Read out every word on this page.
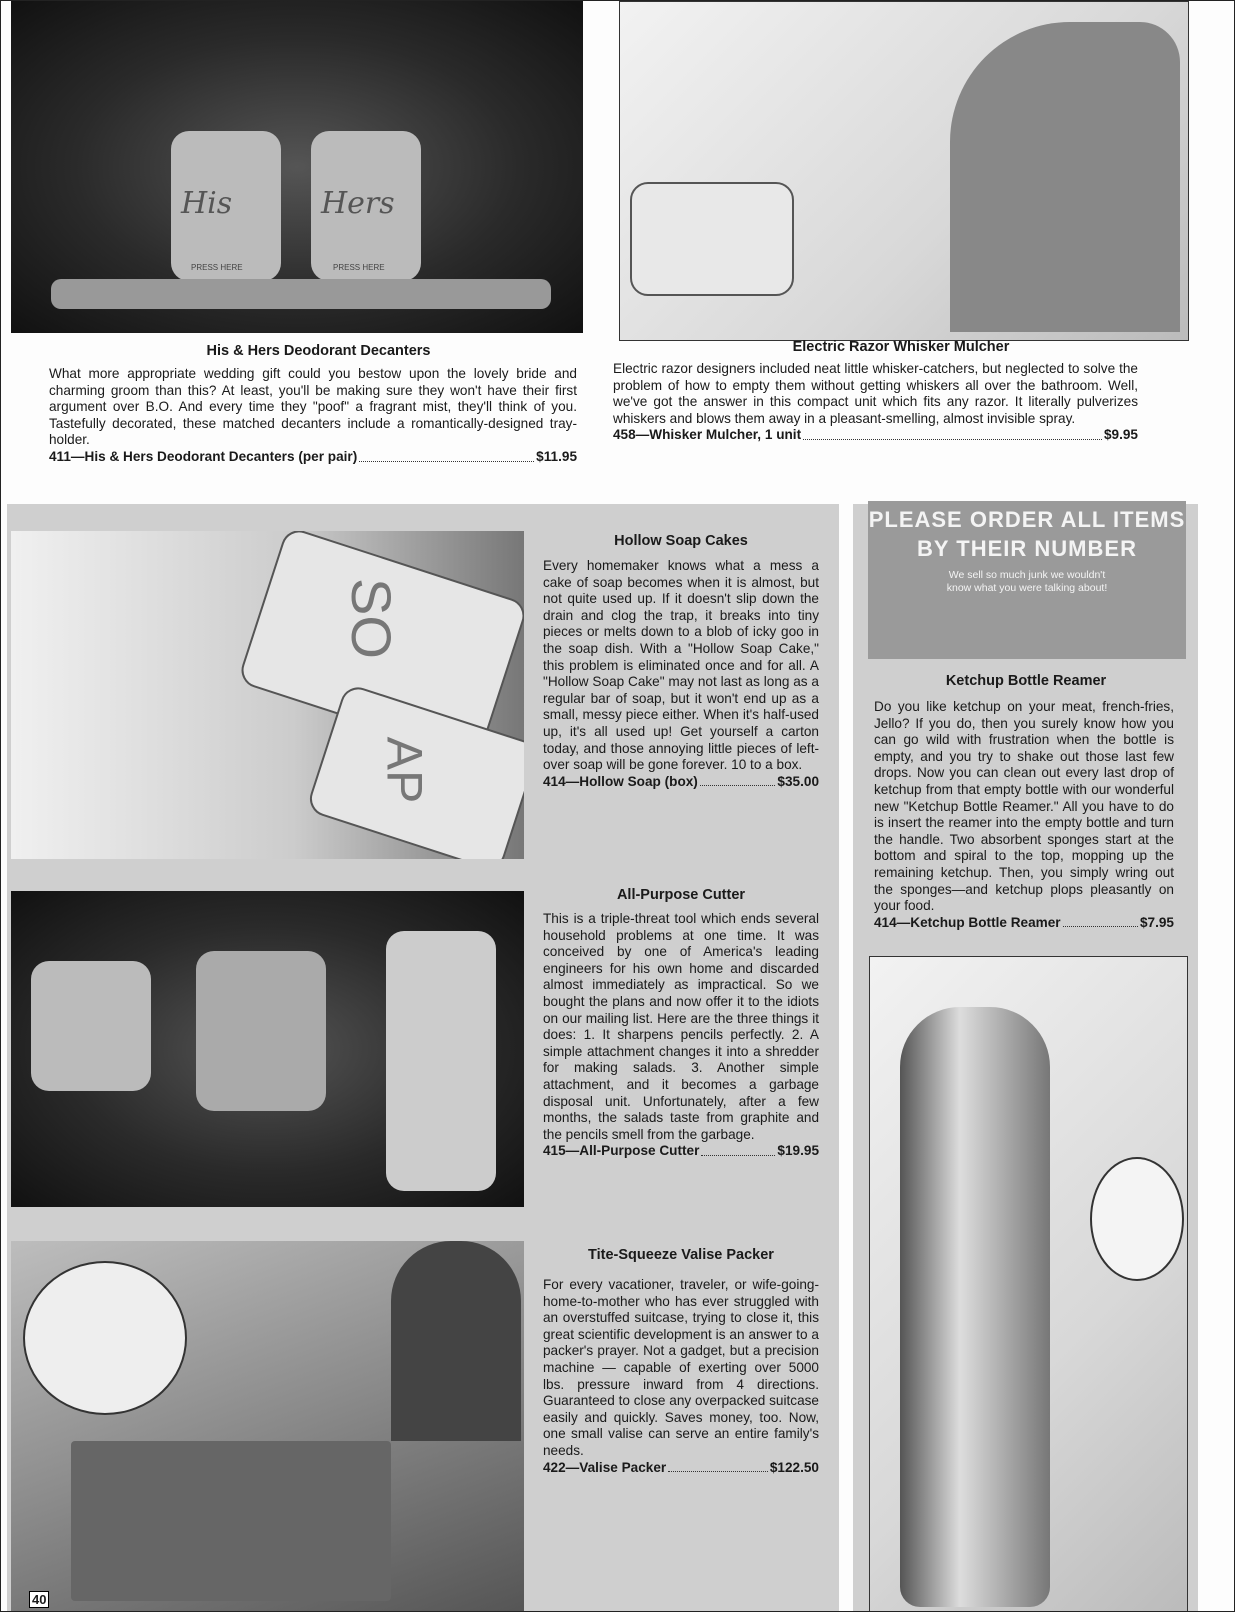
His	Hers
PRESS HERE	PRESS HERE
His & Hers Deodorant Decanters
What more appropriate wedding gift could you bestow upon the lovely bride and charming groom than this? At least, you'll be making sure they won't have their first argument over B.O. And every time they "poof" a fragrant mist, they'll think of you. Tastefully decorated, these matched decanters include a romantically-designed tray-holder.
411—His & Hers Deodorant Decanters (per pair)	$11.95
Electric Razor Whisker Mulcher
Electric razor designers included neat little whisker-catchers, but neglected to solve the problem of how to empty them without getting whiskers all over the bathroom. Well, we've got the answer in this compact unit which fits any razor. It literally pulverizes whiskers and blows them away in a pleasant-smelling, almost invisible spray.
458—Whisker Mulcher, 1 unit	$9.95
SO
AP
Hollow Soap Cakes
Every homemaker knows what a mess a cake of soap becomes when it is almost, but not quite used up. If it doesn't slip down the drain and clog the trap, it breaks into tiny pieces or melts down to a blob of icky goo in the soap dish. With a "Hollow Soap Cake," this problem is eliminated once and for all. A "Hollow Soap Cake" may not last as long as a regular bar of soap, but it won't end up as a small, messy piece either. When it's half-used up, it's all used up! Get yourself a carton today, and those annoying little pieces of left-over soap will be gone forever. 10 to a box.
414—Hollow Soap (box)	$35.00
All-Purpose Cutter
This is a triple-threat tool which ends several household problems at one time. It was conceived by one of America's leading engineers for his own home and discarded almost immediately as impractical. So we bought the plans and now offer it to the idiots on our mailing list. Here are the three things it does: 1. It sharpens pencils perfectly. 2. A simple attachment changes it into a shredder for making salads. 3. Another simple attachment, and it becomes a garbage disposal unit. Unfortunately, after a few months, the salads taste from graphite and the pencils smell from the garbage.
415—All-Purpose Cutter	$19.95
Tite-Squeeze Valise Packer
For every vacationer, traveler, or wife-going-home-to-mother who has ever struggled with an overstuffed suitcase, trying to close it, this great scientific development is an answer to a packer's prayer. Not a gadget, but a precision machine — capable of exerting over 5000 lbs. pressure inward from 4 directions. Guaranteed to close any overpacked suitcase easily and quickly. Saves money, too. Now, one small valise can serve an entire family's needs.
422—Valise Packer	$122.50
PLEASE ORDER ALL ITEMS BY THEIR NUMBER

We sell so much junk we wouldn't know what you were talking about!

Ketchup Bottle Reamer
Do you like ketchup on your meat, french-fries, Jello? If you do, then you surely know how you can go wild with frustration when the bottle is empty, and you try to shake out those last few drops. Now you can clean out every last drop of ketchup from that empty bottle with our wonderful new "Ketchup Bottle Reamer." All you have to do is insert the reamer into the empty bottle and turn the handle. Two absorbent sponges start at the bottom and spiral to the top, mopping up the remaining ketchup. Then, you simply wring out the sponges—and ketchup plops pleasantly on your food.
414—Ketchup Bottle Reamer	$7.95
40
